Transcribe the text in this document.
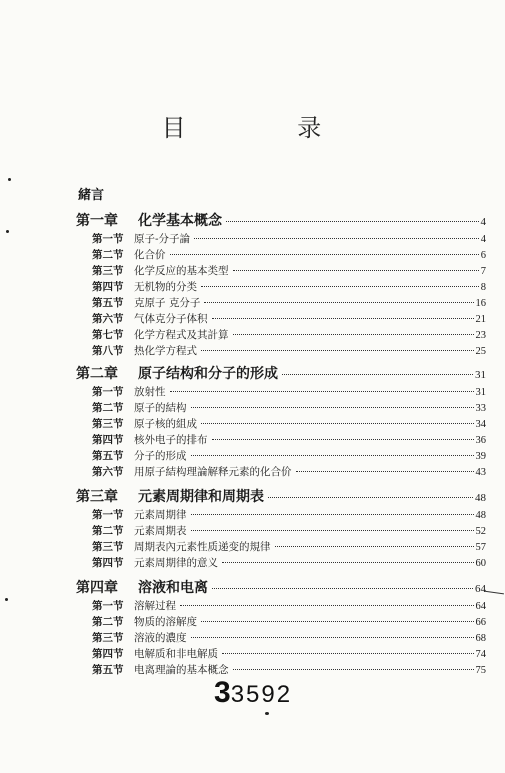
目 录
緒言
第一章	化学基本概念	4
第一节	原子-分子論	4
第二节	化合价	6
第三节	化学反应的基本类型	7
第四节	无机物的分类	8
第五节	克原子 克分子	16
第六节	气体克分子体积	21
第七节	化学方程式及其計算	23
第八节	热化学方程式	25
第二章	原子结构和分子的形成	31
第一节	放射性	31
第二节	原子的結构	33
第三节	原子核的組成	34
第四节	核外电子的排布	36
第五节	分子的形成	39
第六节	用原子結构理論解释元素的化合价	43
第三章	元素周期律和周期表	48
第一节	元素周期律	48
第二节	元素周期表	52
第三节	周期表內元素性质递变的規律	57
第四节	元素周期律的意义	60
第四章	溶液和电离	64
第一节	溶解过程	64
第二节	物质的溶解度	66
第三节	溶液的濃度	68
第四节	电解质和非电解质	74
第五节	电离理論的基本概念	75
33592
